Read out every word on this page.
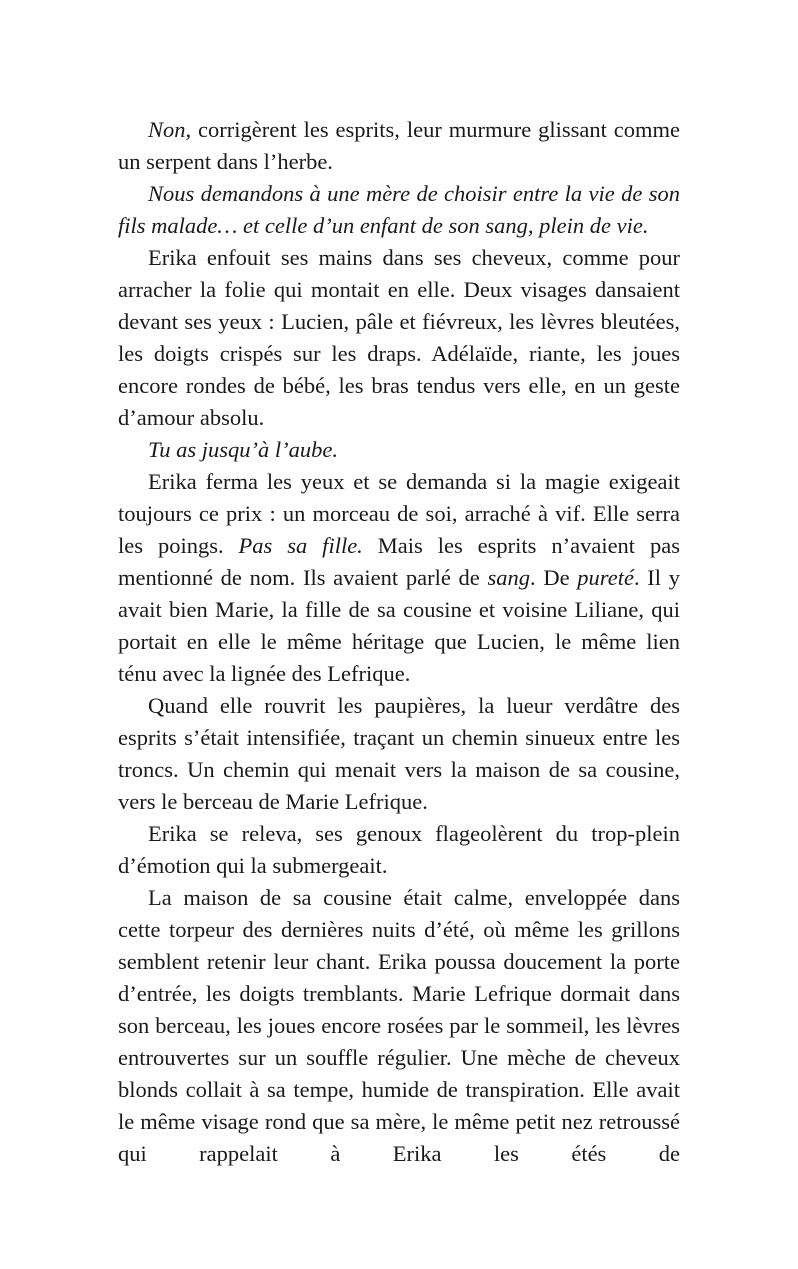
Non, corrigèrent les esprits, leur murmure glissant comme un serpent dans l’herbe.

Nous demandons à une mère de choisir entre la vie de son fils malade… et celle d’un enfant de son sang, plein de vie.

Erika enfouit ses mains dans ses cheveux, comme pour arracher la folie qui montait en elle. Deux visages dansaient devant ses yeux : Lucien, pâle et fiévreux, les lèvres bleutées, les doigts crispés sur les draps. Adélaïde, riante, les joues encore rondes de bébé, les bras tendus vers elle, en un geste d’amour absolu.

Tu as jusqu’à l’aube.

Erika ferma les yeux et se demanda si la magie exigeait toujours ce prix : un morceau de soi, arraché à vif. Elle serra les poings. Pas sa fille. Mais les esprits n’avaient pas mentionné de nom. Ils avaient parlé de sang. De pureté. Il y avait bien Marie, la fille de sa cousine et voisine Liliane, qui portait en elle le même héritage que Lucien, le même lien ténu avec la lignée des Lefrique.

Quand elle rouvrit les paupières, la lueur verdâtre des esprits s’était intensifiée, traçant un chemin sinueux entre les troncs. Un chemin qui menait vers la maison de sa cousine, vers le berceau de Marie Lefrique.

Erika se releva, ses genoux flageolèrent du trop-plein d’émotion qui la submergeait.

La maison de sa cousine était calme, enveloppée dans cette torpeur des dernières nuits d’été, où même les grillons semblent retenir leur chant. Erika poussa doucement la porte d’entrée, les doigts tremblants. Marie Lefrique dormait dans son berceau, les joues encore rosées par le sommeil, les lèvres entrouvertes sur un souffle régulier. Une mèche de cheveux blonds collait à sa tempe, humide de transpiration. Elle avait le même visage rond que sa mère, le même petit nez retroussé qui rappelait à Erika les étés de
